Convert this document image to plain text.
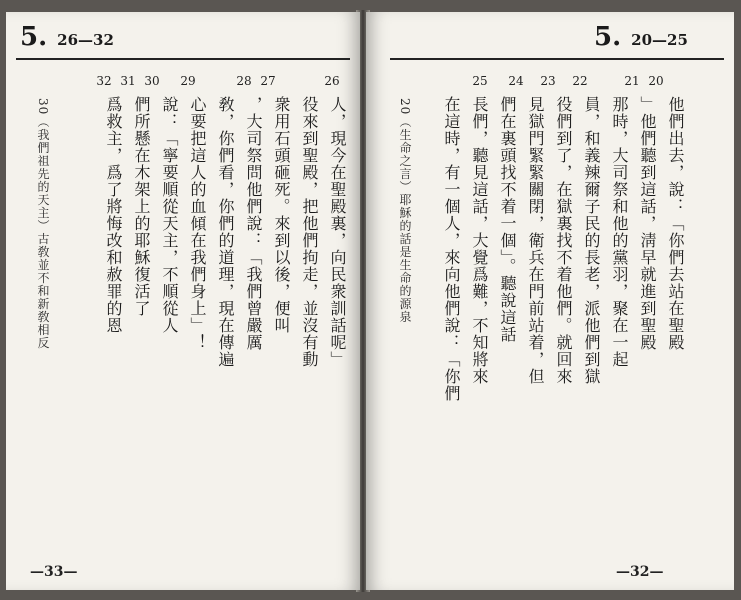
5. 26—32
26
27
28
29
30
31
32
人，現今在聖殿裏，向民衆訓話呢」
役來到聖殿，把他們拘走，並沒有動
衆用石頭砸死。來到以後，便叫
，大司祭問他們說：「我們曾嚴厲
敎，你們看，你們的道理，現在傳遍
心要把這人的血傾在我們身上」！
說：「寧要順從天主，不順從人
們所懸在木架上的耶穌復活了
爲救主，爲了將悔改和赦罪的恩
30（我們祖先的天主）古敎並不和新敎相反
—33—
5. 20—25
20
21
22
23
24
25
他們出去，說：「你們去站在聖殿
」他們聽到這話，淸早就進到聖殿
那時，大司祭和他的黨羽，聚在一起
員，和義辣爾子民的長老，派他們到獄
役們到了，在獄裏找不着他們。就回來
見獄門緊緊關閉，衛兵在門前站着，但
們在裏頭找不着一個」。聽說這話
長們，聽見這話，大覺爲難，不知將來
在這時，有一個人，來向他們說：「你們
20（生命之言）耶穌的話是生命的源泉
—32—
